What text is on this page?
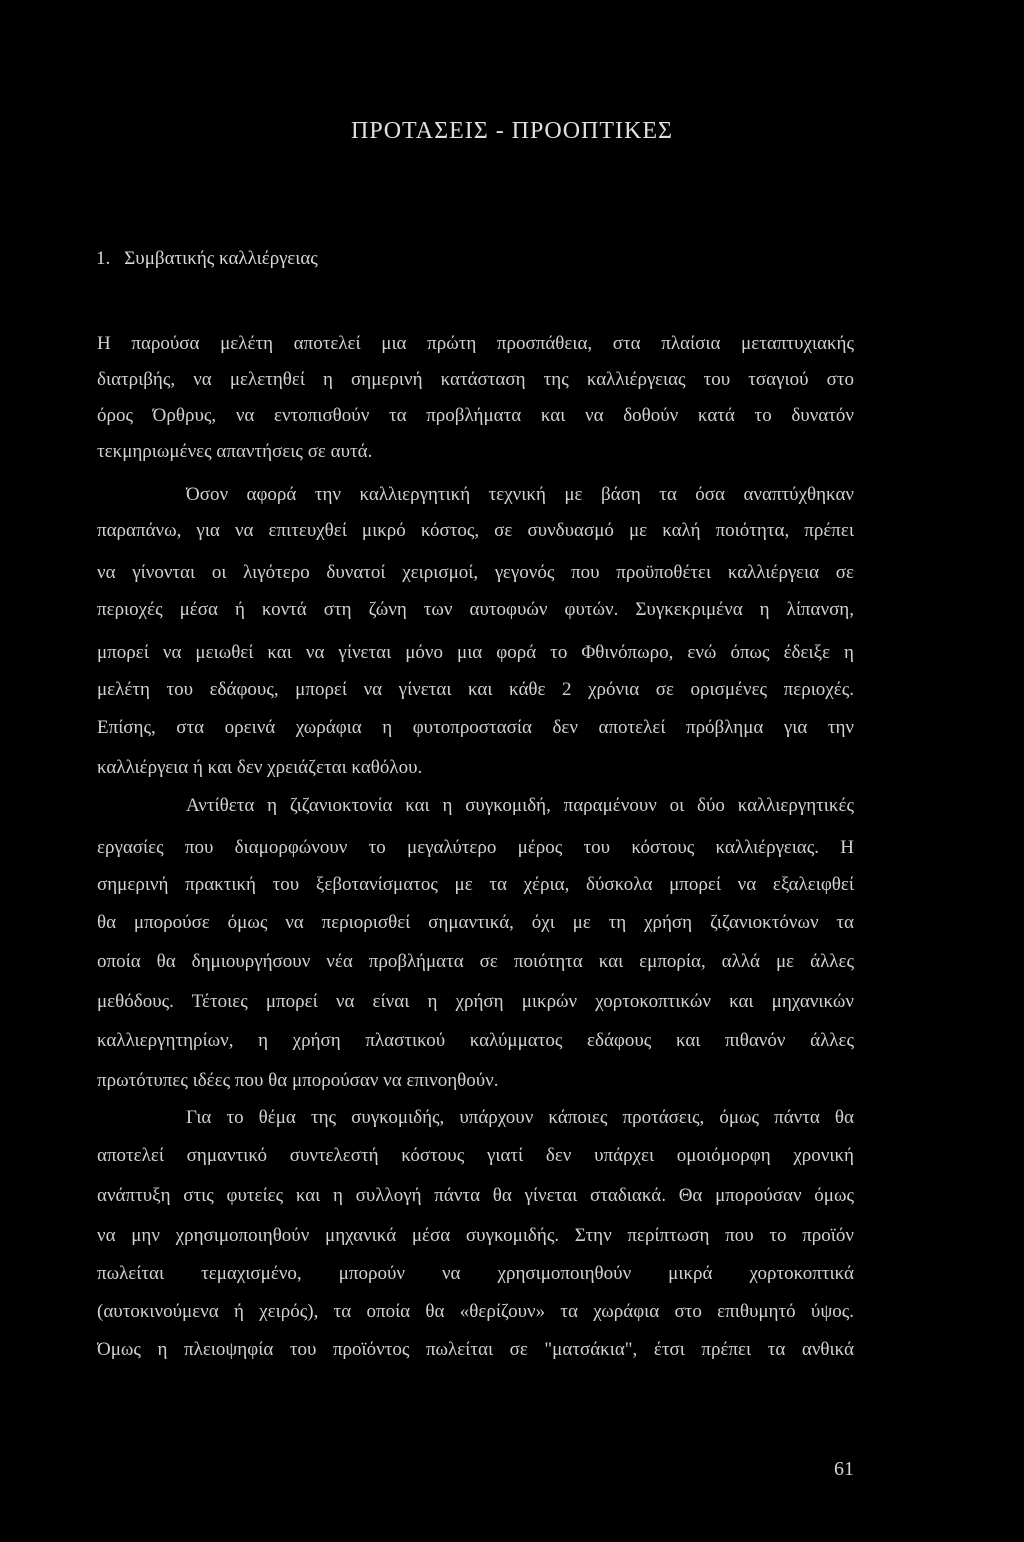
ΠΡΟΤΑΣΕΙΣ - ΠΡΟΟΠΤΙΚΕΣ
1. Συμβατικής καλλιέργειας
Η παρούσα μελέτη αποτελεί μια πρώτη προσπάθεια, στα πλαίσια μεταπτυχιακής
διατριβής, να μελετηθεί η σημερινή κατάσταση της καλλιέργειας του τσαγιού στο
όρος Όρθρυς, να εντοπισθούν τα προβλήματα και να δοθούν κατά το δυνατόν
τεκμηριωμένες απαντήσεις σε αυτά.
Όσον αφορά την καλλιεργητική τεχνική με βάση τα όσα αναπτύχθηκαν
παραπάνω, για να επιτευχθεί μικρό κόστος, σε συνδυασμό με καλή ποιότητα, πρέπει
να γίνονται οι λιγότερο δυνατοί χειρισμοί, γεγονός που προϋποθέτει καλλιέργεια σε
περιοχές μέσα ή κοντά στη ζώνη των αυτοφυών φυτών. Συγκεκριμένα η λίπανση,
μπορεί να μειωθεί και να γίνεται μόνο μια φορά το Φθινόπωρο, ενώ όπως έδειξε η
μελέτη του εδάφους, μπορεί να γίνεται και κάθε 2 χρόνια σε ορισμένες περιοχές.
Επίσης, στα ορεινά χωράφια η φυτοπροστασία δεν αποτελεί πρόβλημα για την
καλλιέργεια ή και δεν χρειάζεται καθόλου.
Αντίθετα η ζιζανιοκτονία και η συγκομιδή, παραμένουν οι δύο καλλιεργητικές
εργασίες που διαμορφώνουν το μεγαλύτερο μέρος του κόστους καλλιέργειας. Η
σημερινή πρακτική του ξεβοτανίσματος με τα χέρια, δύσκολα μπορεί να εξαλειφθεί
θα μπορούσε όμως να περιορισθεί σημαντικά, όχι με τη χρήση ζιζανιοκτόνων τα
οποία θα δημιουργήσουν νέα προβλήματα σε ποιότητα και εμπορία, αλλά με άλλες
μεθόδους. Τέτοιες μπορεί να είναι η χρήση μικρών χορτοκοπτικών και μηχανικών
καλλιεργητηρίων, η χρήση πλαστικού καλύμματος εδάφους και πιθανόν άλλες
πρωτότυπες ιδέες που θα μπορούσαν να επινοηθούν.
Για το θέμα της συγκομιδής, υπάρχουν κάποιες προτάσεις, όμως πάντα θα
αποτελεί σημαντικό συντελεστή κόστους γιατί δεν υπάρχει ομοιόμορφη χρονική
ανάπτυξη στις φυτείες και η συλλογή πάντα θα γίνεται σταδιακά. Θα μπορούσαν όμως
να μην χρησιμοποιηθούν μηχανικά μέσα συγκομιδής. Στην περίπτωση που το προϊόν
πωλείται τεμαχισμένο, μπορούν να χρησιμοποιηθούν μικρά χορτοκοπτικά
(αυτοκινούμενα ή χειρός), τα οποία θα «θερίζουν» τα χωράφια στο επιθυμητό ύψος.
Όμως η πλειοψηφία του προϊόντος πωλείται σε "ματσάκια", έτσι πρέπει τα ανθικά
61
